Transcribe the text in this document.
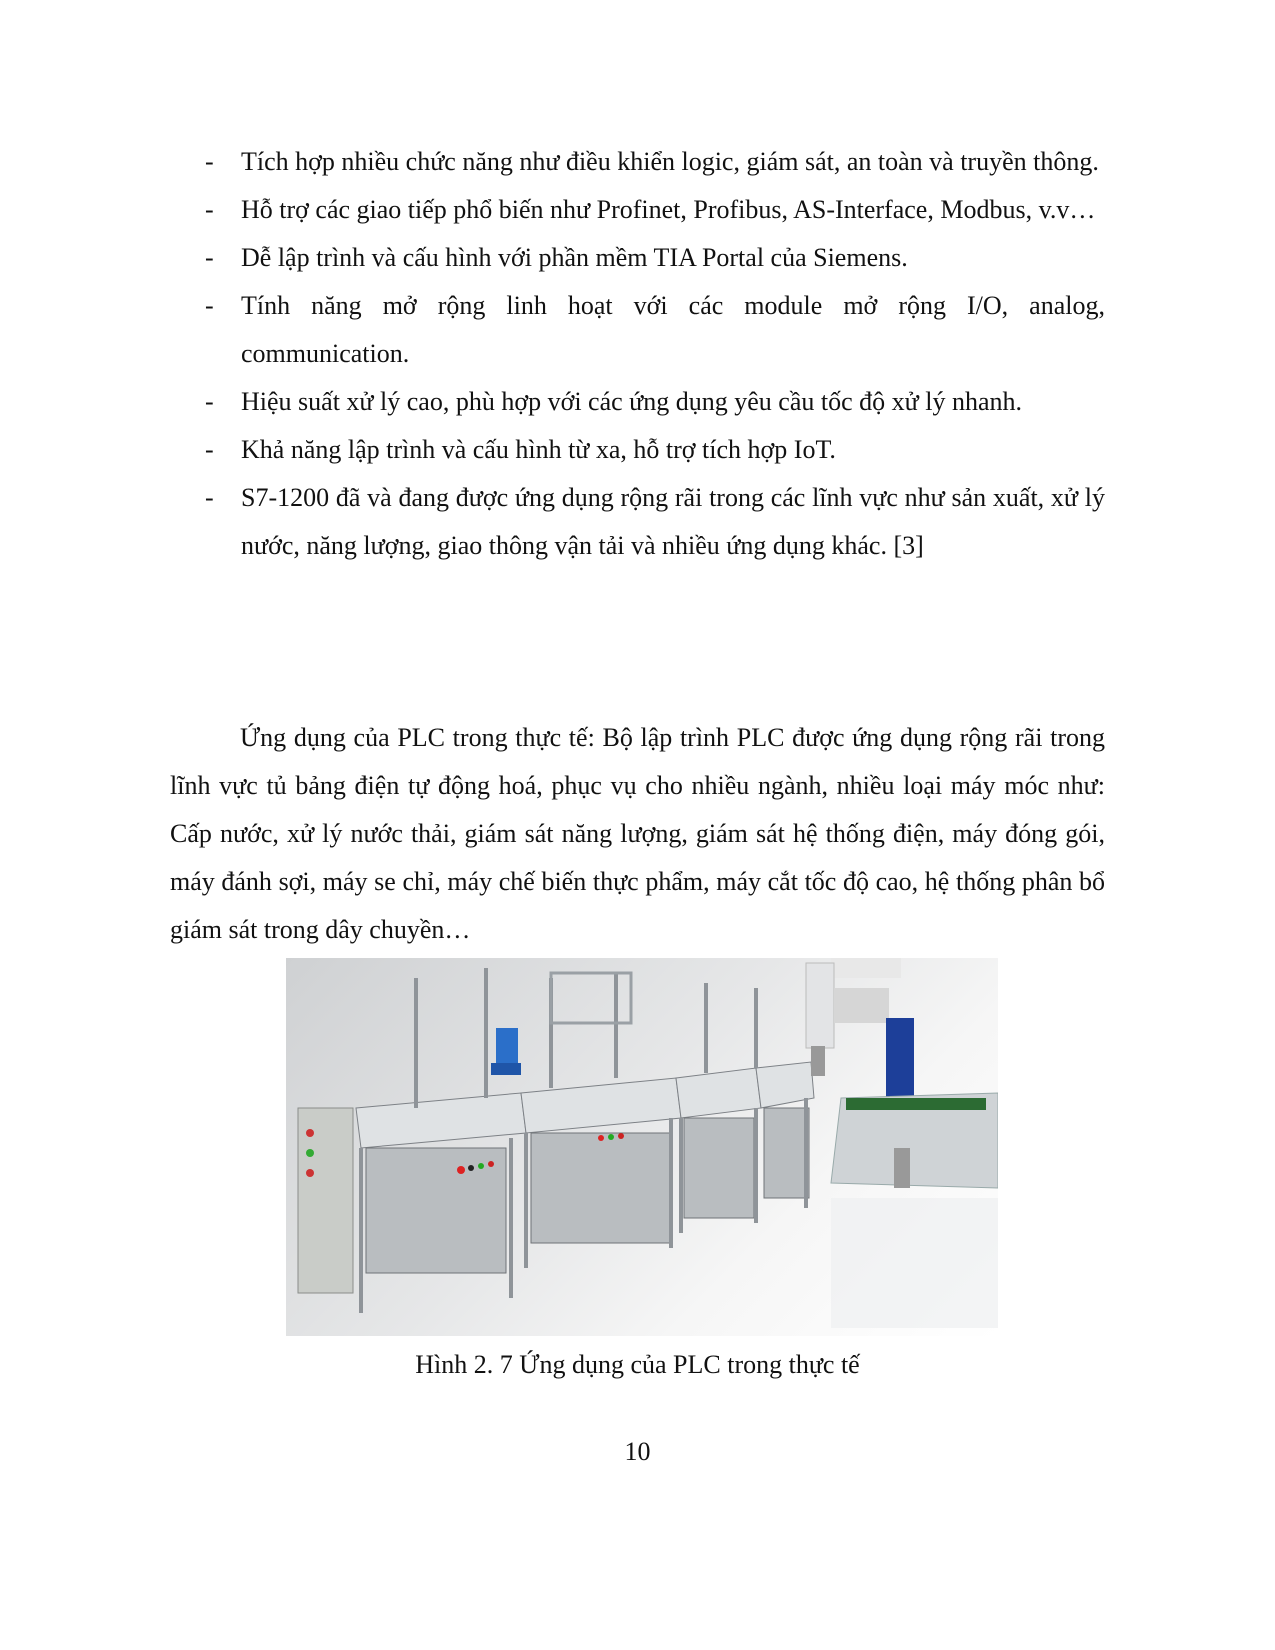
- Tích hợp nhiều chức năng như điều khiển logic, giám sát, an toàn và truyền thông.
- Hỗ trợ các giao tiếp phổ biến như Profinet, Profibus, AS-Interface, Modbus, v.v…
- Dễ lập trình và cấu hình với phần mềm TIA Portal của Siemens.
- Tính năng mở rộng linh hoạt với các module mở rộng I/O, analog, communication.
- Hiệu suất xử lý cao, phù hợp với các ứng dụng yêu cầu tốc độ xử lý nhanh.
- Khả năng lập trình và cấu hình từ xa, hỗ trợ tích hợp IoT.
- S7-1200 đã và đang được ứng dụng rộng rãi trong các lĩnh vực như sản xuất, xử lý nước, năng lượng, giao thông vận tải và nhiều ứng dụng khác. [3]

Ứng dụng của PLC trong thực tế: Bộ lập trình PLC được ứng dụng rộng rãi trong lĩnh vực tủ bảng điện tự động hoá, phục vụ cho nhiều ngành, nhiều loại máy móc như: Cấp nước, xử lý nước thải, giám sát năng lượng, giám sát hệ thống điện, máy đóng gói, máy đánh sợi, máy se chỉ, máy chế biến thực phẩm, máy cắt tốc độ cao, hệ thống phân bổ giám sát trong dây chuyền…

Hình 2. 7 Ứng dụng của PLC trong thực tế
10
